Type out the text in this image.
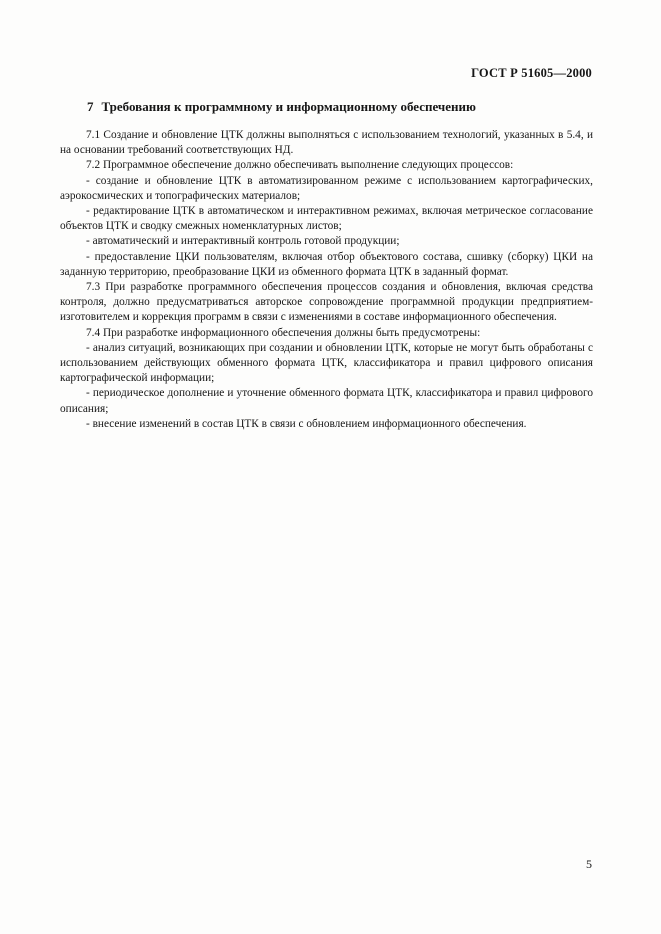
ГОСТ Р 51605—2000
7 Требования к программному и информационному обеспечению

7.1 Создание и обновление ЦТК должны выполняться с использованием технологий, указанных в 5.4, и на основании требований соответствующих НД.

7.2 Программное обеспечение должно обеспечивать выполнение следующих процессов:

- создание и обновление ЦТК в автоматизированном режиме с использованием картографических, аэрокосмических и топографических материалов;

- редактирование ЦТК в автоматическом и интерактивном режимах, включая метрическое согласование объектов ЦТК и сводку смежных номенклатурных листов;

- автоматический и интерактивный контроль готовой продукции;

- предоставление ЦКИ пользователям, включая отбор объектового состава, сшивку (сборку) ЦКИ на заданную территорию, преобразование ЦКИ из обменного формата ЦТК в заданный формат.

7.3 При разработке программного обеспечения процессов создания и обновления, включая средства контроля, должно предусматриваться авторское сопровождение программной продукции предприятием-изготовителем и коррекция программ в связи с изменениями в составе информационного обеспечения.

7.4 При разработке информационного обеспечения должны быть предусмотрены:

- анализ ситуаций, возникающих при создании и обновлении ЦТК, которые не могут быть обработаны с использованием действующих обменного формата ЦТК, классификатора и правил цифрового описания картографической информации;

- периодическое дополнение и уточнение обменного формата ЦТК, классификатора и правил цифрового описания;

- внесение изменений в состав ЦТК в связи с обновлением информационного обеспечения.

5
